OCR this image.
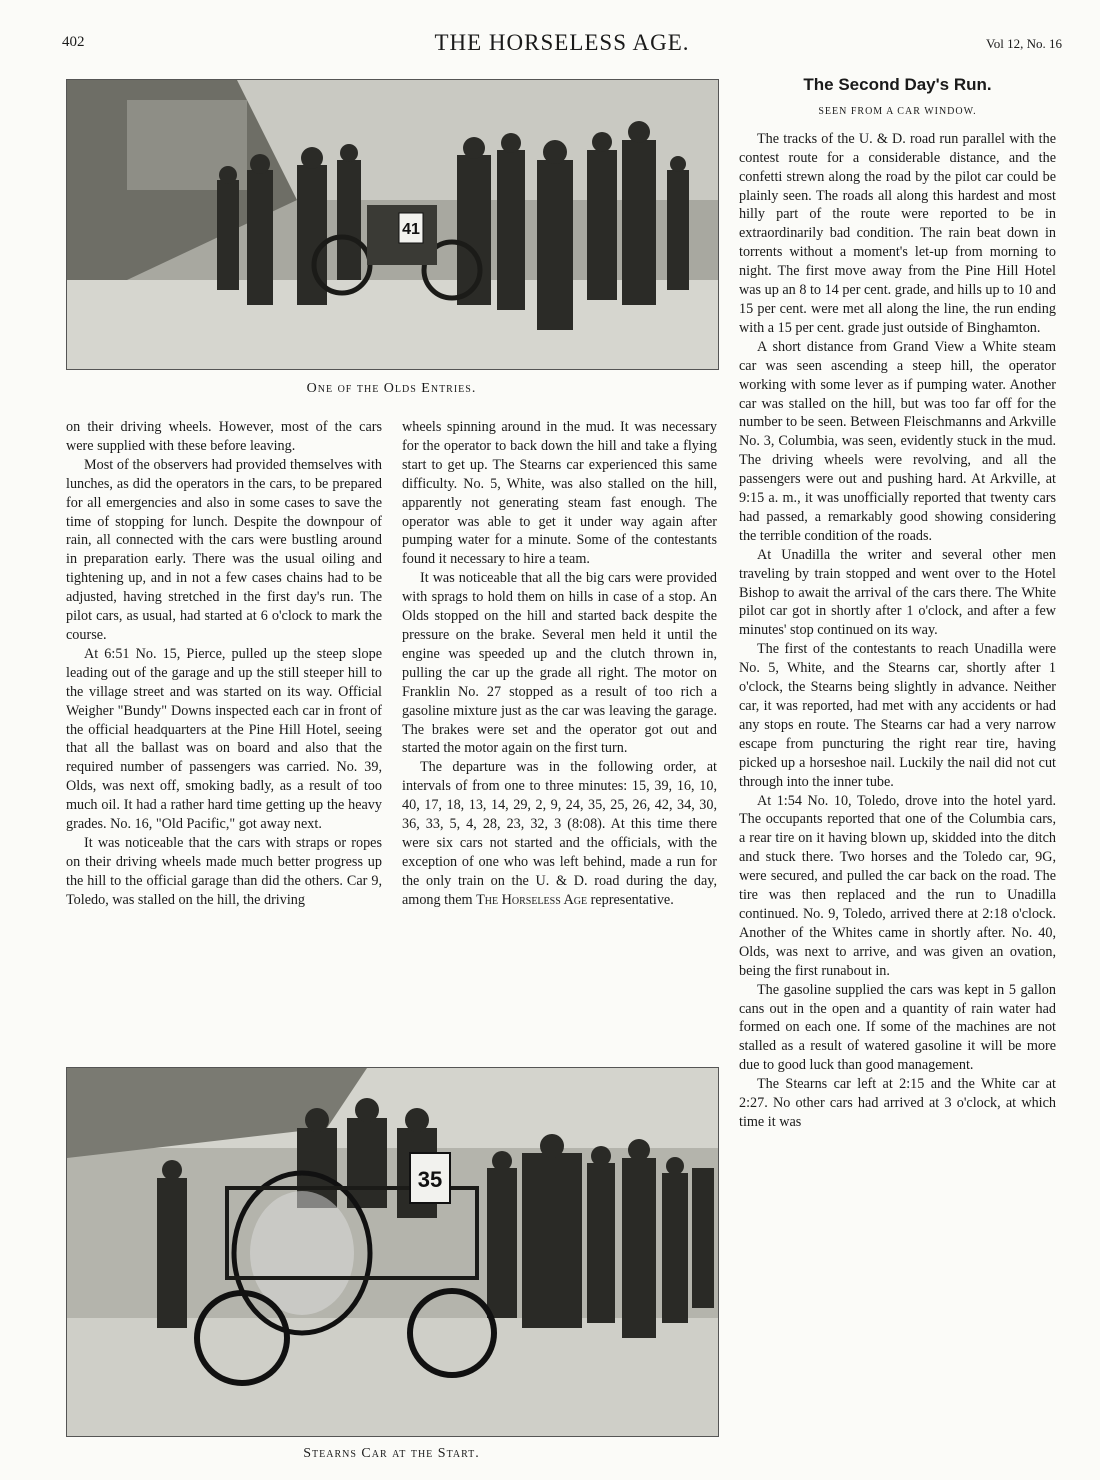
402	THE HORSELESS AGE.	Vol 12, No. 16
41
One of the Olds Entries.
35
Stearns Car at the Start.

on their driving wheels. However, most of the cars were supplied with these before leaving.

Most of the observers had provided themselves with lunches, as did the operators in the cars, to be prepared for all emergencies and also in some cases to save the time of stopping for lunch. Despite the downpour of rain, all connected with the cars were bustling around in preparation early. There was the usual oiling and tightening up, and in not a few cases chains had to be adjusted, having stretched in the first day's run. The pilot cars, as usual, had started at 6 o'clock to mark the course.

At 6:51 No. 15, Pierce, pulled up the steep slope leading out of the garage and up the still steeper hill to the village street and was started on its way. Official Weigher "Bundy" Downs inspected each car in front of the official headquarters at the Pine Hill Hotel, seeing that all the ballast was on board and also that the required number of passengers was carried. No. 39, Olds, was next off, smoking badly, as a result of too much oil. It had a rather hard time getting up the heavy grades. No. 16, "Old Pacific," got away next.

It was noticeable that the cars with straps or ropes on their driving wheels made much better progress up the hill to the official garage than did the others. Car 9, Toledo, was stalled on the hill, the driving

wheels spinning around in the mud. It was necessary for the operator to back down the hill and take a flying start to get up. The Stearns car experienced this same difficulty. No. 5, White, was also stalled on the hill, apparently not generating steam fast enough. The operator was able to get it under way again after pumping water for a minute. Some of the contestants found it necessary to hire a team.

It was noticeable that all the big cars were provided with sprags to hold them on hills in case of a stop. An Olds stopped on the hill and started back despite the pressure on the brake. Several men held it until the engine was speeded up and the clutch thrown in, pulling the car up the grade all right. The motor on Franklin No. 27 stopped as a result of too rich a gasoline mixture just as the car was leaving the garage. The brakes were set and the operator got out and started the motor again on the first turn.

The departure was in the following order, at intervals of from one to three minutes: 15, 39, 16, 10, 40, 17, 18, 13, 14, 29, 2, 9, 24, 35, 25, 26, 42, 34, 30, 36, 33, 5, 4, 28, 23, 32, 3 (8:08). At this time there were six cars not started and the officials, with the exception of one who was left behind, made a run for the only train on the U. & D. road during the day, among them The Horseless Age representative.

The Second Day's Run.
SEEN FROM A CAR WINDOW.

The tracks of the U. & D. road run parallel with the contest route for a considerable distance, and the confetti strewn along the road by the pilot car could be plainly seen. The roads all along this hardest and most hilly part of the route were reported to be in extraordinarily bad condition. The rain beat down in torrents without a moment's let-up from morning to night. The first move away from the Pine Hill Hotel was up an 8 to 14 per cent. grade, and hills up to 10 and 15 per cent. were met all along the line, the run ending with a 15 per cent. grade just outside of Binghamton.

A short distance from Grand View a White steam car was seen ascending a steep hill, the operator working with some lever as if pumping water. Another car was stalled on the hill, but was too far off for the number to be seen. Between Fleischmanns and Arkville No. 3, Columbia, was seen, evidently stuck in the mud. The driving wheels were revolving, and all the passengers were out and pushing hard. At Arkville, at 9:15 a. m., it was unofficially reported that twenty cars had passed, a remarkably good showing considering the terrible condition of the roads.

At Unadilla the writer and several other men traveling by train stopped and went over to the Hotel Bishop to await the arrival of the cars there. The White pilot car got in shortly after 1 o'clock, and after a few minutes' stop continued on its way.

The first of the contestants to reach Unadilla were No. 5, White, and the Stearns car, shortly after 1 o'clock, the Stearns being slightly in advance. Neither car, it was reported, had met with any accidents or had any stops en route. The Stearns car had a very narrow escape from puncturing the right rear tire, having picked up a horseshoe nail. Luckily the nail did not cut through into the inner tube.

At 1:54 No. 10, Toledo, drove into the hotel yard. The occupants reported that one of the Columbia cars, a rear tire on it having blown up, skidded into the ditch and stuck there. Two horses and the Toledo car, 9G, were secured, and pulled the car back on the road. The tire was then replaced and the run to Unadilla continued. No. 9, Toledo, arrived there at 2:18 o'clock. Another of the Whites came in shortly after. No. 40, Olds, was next to arrive, and was given an ovation, being the first runabout in.

The gasoline supplied the cars was kept in 5 gallon cans out in the open and a quantity of rain water had formed on each one. If some of the machines are not stalled as a result of watered gasoline it will be more due to good luck than good management.

The Stearns car left at 2:15 and the White car at 2:27. No other cars had arrived at 3 o'clock, at which time it was
